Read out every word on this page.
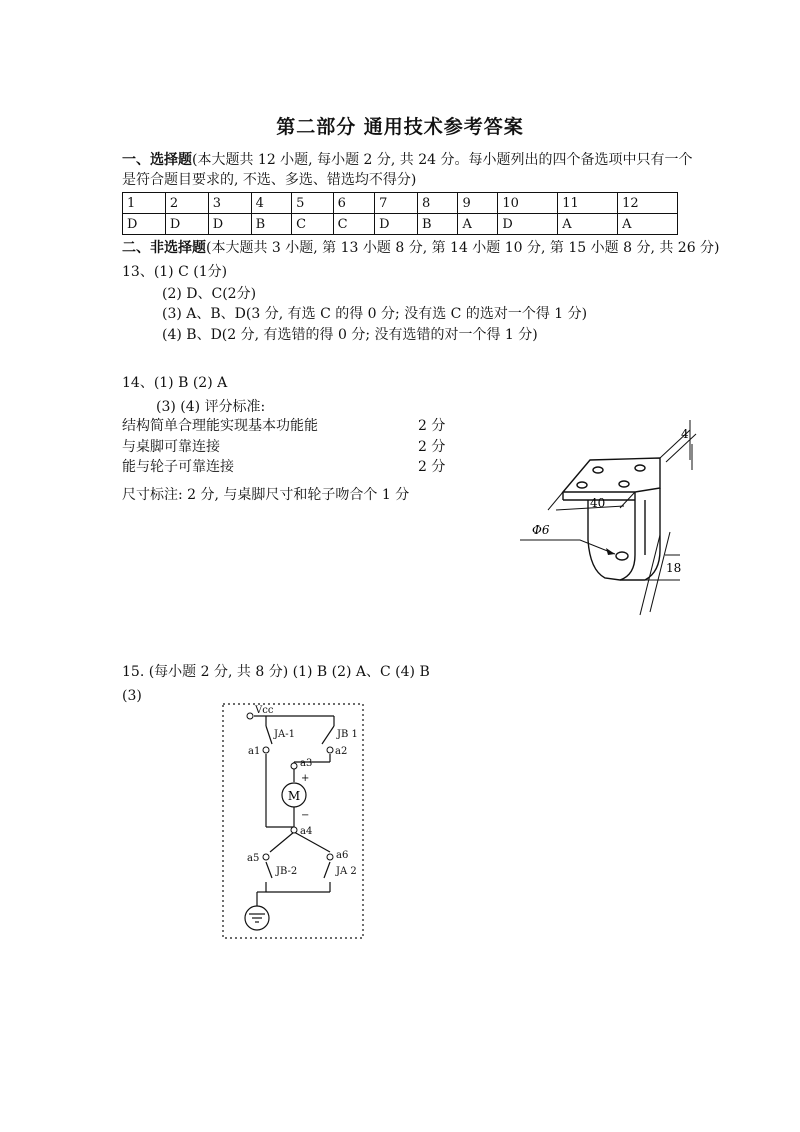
第二部分 通用技术参考答案
一、选择题(本大题共 12 小题, 每小题 2 分, 共 24 分。每小题列出的四个备选项中只有一个
是符合题目要求的, 不选、多选、错选均不得分)
1	2	3	4	5	6	7	8	9	10	11	12
D	D	D	B	C	C	D	B	A	D	A	A
二、非选择题(本大题共 3 小题, 第 13 小题 8 分, 第 14 小题 10 分, 第 15 小题 8 分, 共 26 分)
13、(1) C (1分)
(2) D、C(2分)
(3) A、B、D(3 分, 有选 C 的得 0 分; 没有选 C 的选对一个得 1 分)
(4) B、D(2 分, 有选错的得 0 分; 没有选错的对一个得 1 分)
14、(1) B (2) A
(3) (4) 评分标准:
结构简单合理能实现基本功能能	2 分
与桌脚可靠连接	2 分
能与轮子可靠连接	2 分
尺寸标注: 2 分, 与桌脚尺寸和轮子吻合个 1 分
4
40
Φ6
18
15. (每小题 2 分, 共 8 分) (1) B (2) A、C (4) B
(3)
M
Vcc
JA-1	JB 1
a1	a2
a3
+
−
a4
a5	a6
JB-2	JA 2
